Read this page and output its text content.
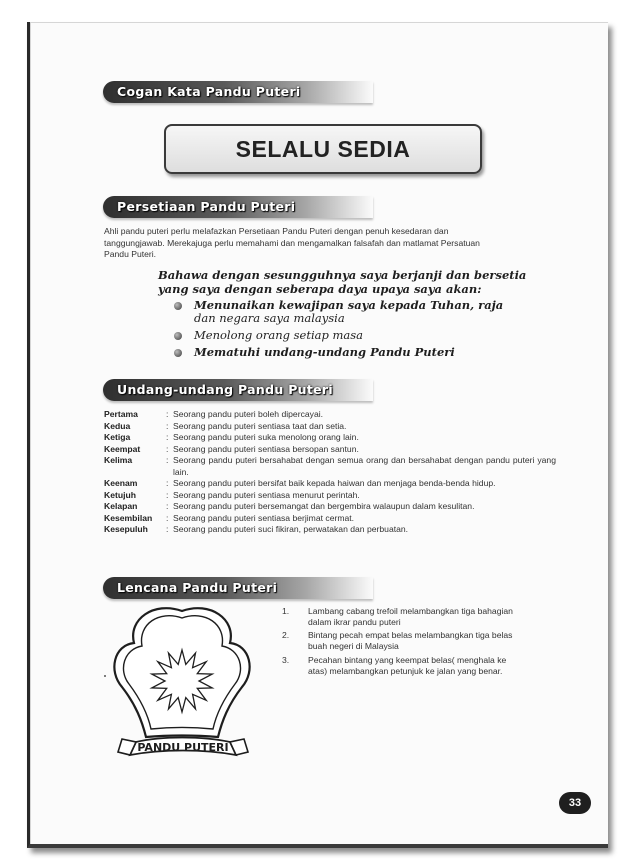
Cogan Kata Pandu Puteri
SELALU SEDIA
Persetiaan Pandu Puteri
Ahli pandu puteri perlu melafazkan Persetiaan Pandu Puteri dengan penuh kesedaran dan
tanggungjawab. Merekajuga perlu memahami dan mengamalkan falsafah dan matlamat Persatuan
Pandu Puteri.
Bahawa dengan sesungguhnya saya berjanji dan bersetia
yang saya dengan seberapa daya upaya saya akan:
Menunaikan kewajipan saya kepada Tuhan, raja
dan negara saya malaysia
Menolong orang setiap masa
Mematuhi undang-undang Pandu Puteri
Undang-undang Pandu Puteri
Pertama	: Seorang pandu puteri boleh dipercayai.
Kedua	: Seorang pandu puteri sentiasa taat dan setia.
Ketiga	: Seorang pandu puteri suka menolong orang lain.
Keempat	: Seorang pandu puteri sentiasa bersopan santun.
Kelima	: Seorang pandu puteri bersahabat dengan semua orang dan bersahabat dengan pandu puteri yang lain.
Keenam	: Seorang pandu puteri bersifat baik kepada haiwan dan menjaga benda-benda hidup.
Ketujuh	: Seorang pandu puteri sentiasa menurut perintah.
Kelapan	: Seorang pandu puteri bersemangat dan bergembira walaupun dalam kesulitan.
Kesembilan : Seorang pandu puteri sentiasa berjimat cermat.
Kesepuluh : Seorang pandu puteri suci fikiran, perwatakan dan perbuatan.
Lencana Pandu Puteri
PANDU PUTERI
1. Lambang cabang trefoil melambangkan tiga bahagian
dalam ikrar pandu puteri
2. Bintang pecah empat belas melambangkan tiga belas
buah negeri di Malaysia
3. Pecahan bintang yang keempat belas( menghala ke
atas) melambangkan petunjuk ke jalan yang benar.
33
